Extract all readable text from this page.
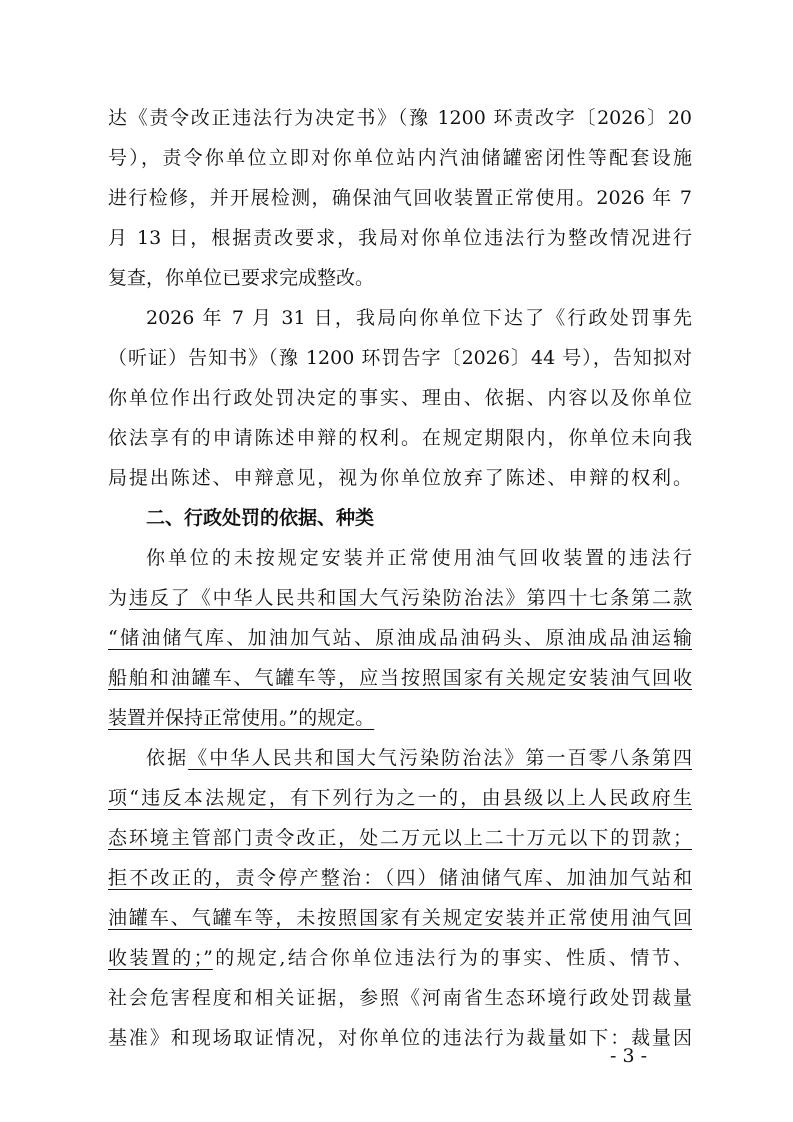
达《责令改正违法行为决定书》（豫 1200 环责改字〔2026〕20
号），责令你单位立即对你单位站内汽油储罐密闭性等配套设施
进行检修，并开展检测，确保油气回收装置正常使用。2026 年 7
月 13 日，根据责改要求，我局对你单位违法行为整改情况进行
复查，你单位已要求完成整改。
2026 年 7 月 31 日，我局向你单位下达了《行政处罚事先
（听证）告知书》（豫 1200 环罚告字〔2026〕44 号），告知拟对
你单位作出行政处罚决定的事实、理由、依据、内容以及你单位
依法享有的申请陈述申辩的权利。在规定期限内，你单位未向我
局提出陈述、申辩意见，视为你单位放弃了陈述、申辩的权利。
二、行政处罚的依据、种类
你单位的未按规定安装并正常使用油气回收装置的违法行
为违反了《中华人民共和国大气污染防治法》第四十七条第二款
“储油储气库、加油加气站、原油成品油码头、原油成品油运输
船舶和油罐车、气罐车等，应当按照国家有关规定安装油气回收
装置并保持正常使用。”的规定。
依据《中华人民共和国大气污染防治法》第一百零八条第四
项“违反本法规定，有下列行为之一的，由县级以上人民政府生
态环境主管部门责令改正，处二万元以上二十万元以下的罚款；
拒不改正的，责令停产整治：（四）储油储气库、加油加气站和
油罐车、气罐车等，未按照国家有关规定安装并正常使用油气回
收装置的；”的规定,结合你单位违法行为的事实、性质、情节、
社会危害程度和相关证据，参照《河南省生态环境行政处罚裁量
基准》和现场取证情况，对你单位的违法行为裁量如下：裁量因
- 3 -
